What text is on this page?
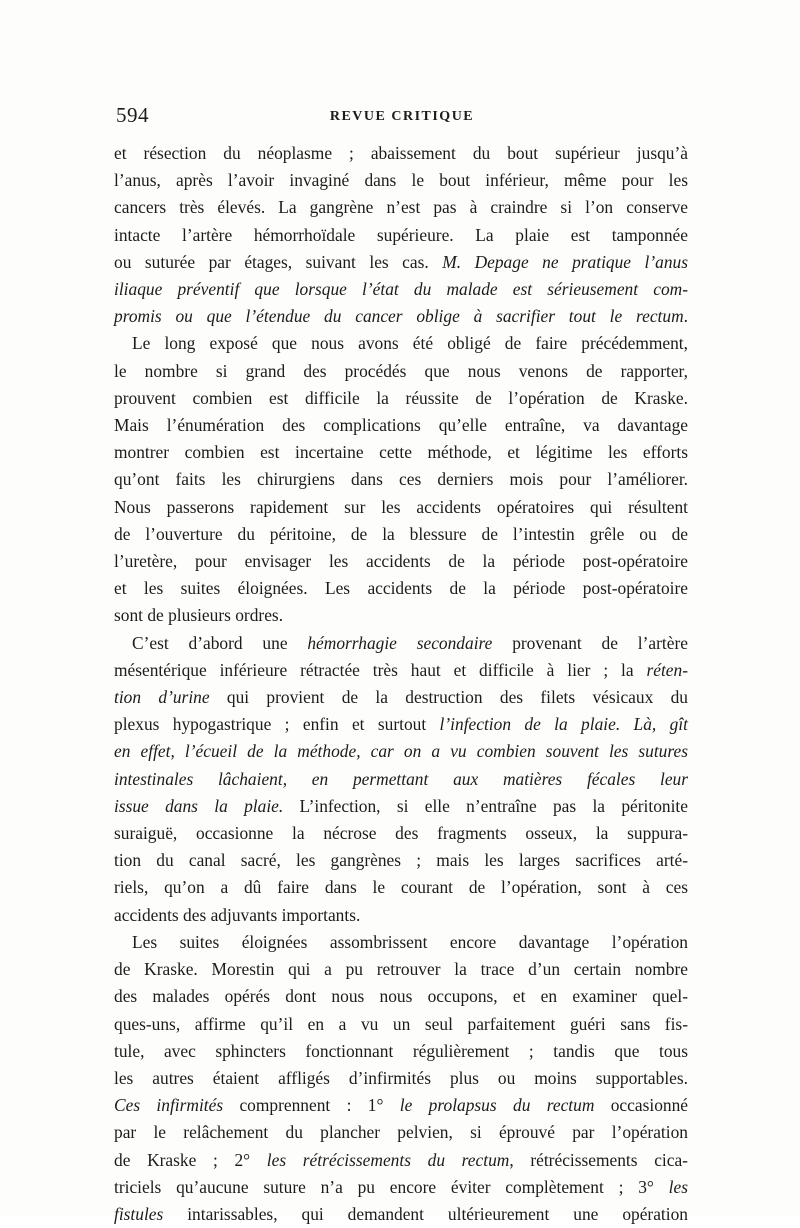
594	REVUE CRITIQUE
et résection du néoplasme ; abaissement du bout supérieur jusqu’à
l’anus, après l’avoir invaginé dans le bout inférieur, même pour les
cancers très élevés. La gangrène n’est pas à craindre si l’on conserve
intacte l’artère hémorrhoïdale supérieure. La plaie est tamponnée
ou suturée par étages, suivant les cas. M. Depage ne pratique l’anus
iliaque préventif que lorsque l’état du malade est sérieusement com-
promis ou que l’étendue du cancer oblige à sacrifier tout le rectum.
Le long exposé que nous avons été obligé de faire précédemment,
le nombre si grand des procédés que nous venons de rapporter,
prouvent combien est difficile la réussite de l’opération de Kraske.
Mais l’énumération des complications qu’elle entraîne, va davantage
montrer combien est incertaine cette méthode, et légitime les efforts
qu’ont faits les chirurgiens dans ces derniers mois pour l’améliorer.
Nous passerons rapidement sur les accidents opératoires qui résultent
de l’ouverture du péritoine, de la blessure de l’intestin grêle ou de
l’uretère, pour envisager les accidents de la période post-opératoire
et les suites éloignées. Les accidents de la période post-opératoire
sont de plusieurs ordres.
C’est d’abord une hémorrhagie secondaire provenant de l’artère
mésentérique inférieure rétractée très haut et difficile à lier ; la réten-
tion d’urine qui provient de la destruction des filets vésicaux du
plexus hypogastrique ; enfin et surtout l’infection de la plaie. Là, gît
en effet, l’écueil de la méthode, car on a vu combien souvent les sutures
intestinales lâchaient, en permettant aux matières fécales leur
issue dans la plaie. L’infection, si elle n’entraîne pas la péritonite
suraiguë, occasionne la nécrose des fragments osseux, la suppura-
tion du canal sacré, les gangrènes ; mais les larges sacrifices arté-
riels, qu’on a dû faire dans le courant de l’opération, sont à ces
accidents des adjuvants importants.
Les suites éloignées assombrissent encore davantage l’opération
de Kraske. Morestin qui a pu retrouver la trace d’un certain nombre
des malades opérés dont nous nous occupons, et en examiner quel-
ques-uns, affirme qu’il en a vu un seul parfaitement guéri sans fis-
tule, avec sphincters fonctionnant régulièrement ; tandis que tous
les autres étaient affligés d’infirmités plus ou moins supportables.
Ces infirmités comprennent : 1° le prolapsus du rectum occasionné
par le relâchement du plancher pelvien, si éprouvé par l’opération
de Kraske ; 2° les rétrécissements du rectum, rétrécissements cica-
triciels qu’aucune suture n’a pu encore éviter complètement ; 3° les
fistules intarissables, qui demandent ultérieurement une opération
